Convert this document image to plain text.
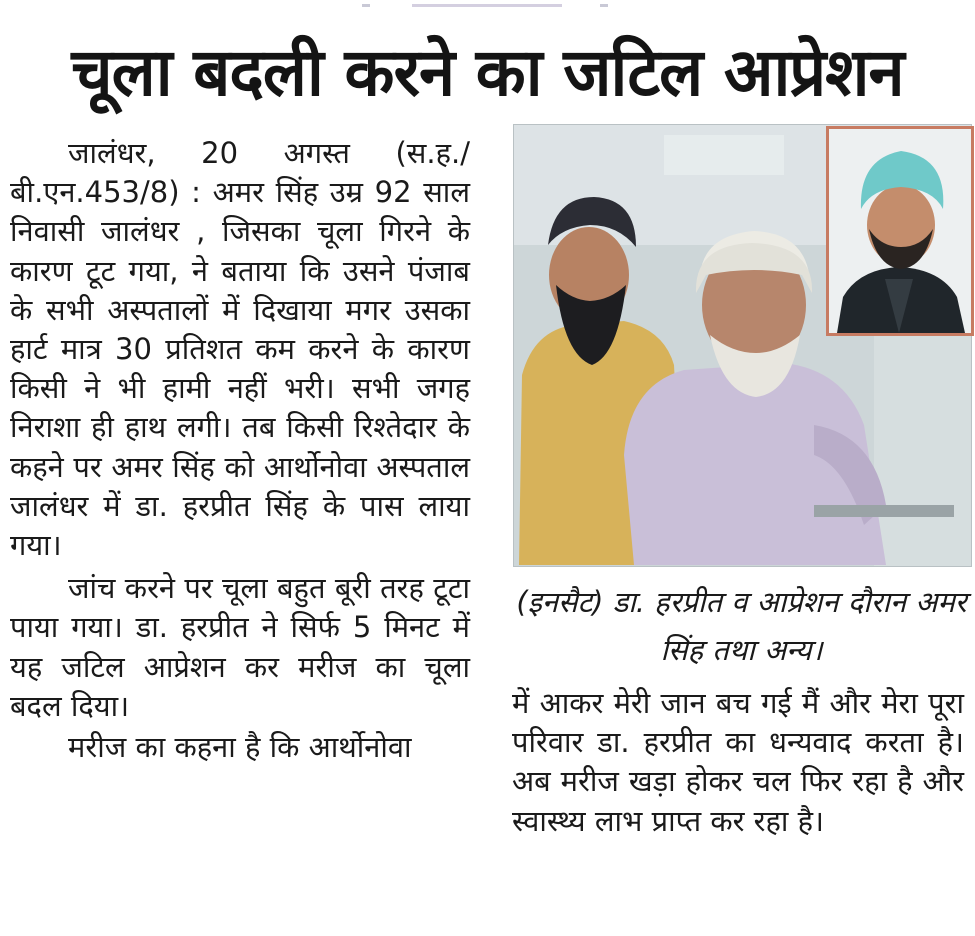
चूला बदली करने का जटिल आप्रेशन

जालंधर, 20 अगस्त (स.ह./ बी.एन.453/8) : अमर सिंह उम्र 92 साल निवासी जालंधर , जिसका चूला गिरने के कारण टूट गया, ने बताया कि उसने पंजाब के सभी अस्पतालों में दिखाया मगर उसका हार्ट मात्र 30 प्रतिशत कम करने के कारण किसी ने भी हामी नहीं भरी। सभी जगह निराशा ही हाथ लगी। तब किसी रिश्तेदार के कहने पर अमर सिंह को आर्थोनोवा अस्पताल जालंधर में डा. हरप्रीत सिंह के पास लाया गया।

जांच करने पर चूला बहुत बूरी तरह टूटा पाया गया। डा. हरप्रीत ने सिर्फ 5 मिनट में यह जटिल आप्रेशन कर मरीज का चूला बदल दिया।

मरीज का कहना है कि आर्थोनोवा

(इनसैट) डा. हरप्रीत व आप्रेशन दौरान अमर सिंह तथा अन्य।

में आकर मेरी जान बच गई मैं और मेरा पूरा परिवार डा. हरप्रीत का धन्यवाद करता है। अब मरीज खड़ा होकर चल फिर रहा है और स्वास्थ्य लाभ प्राप्त कर रहा है।
